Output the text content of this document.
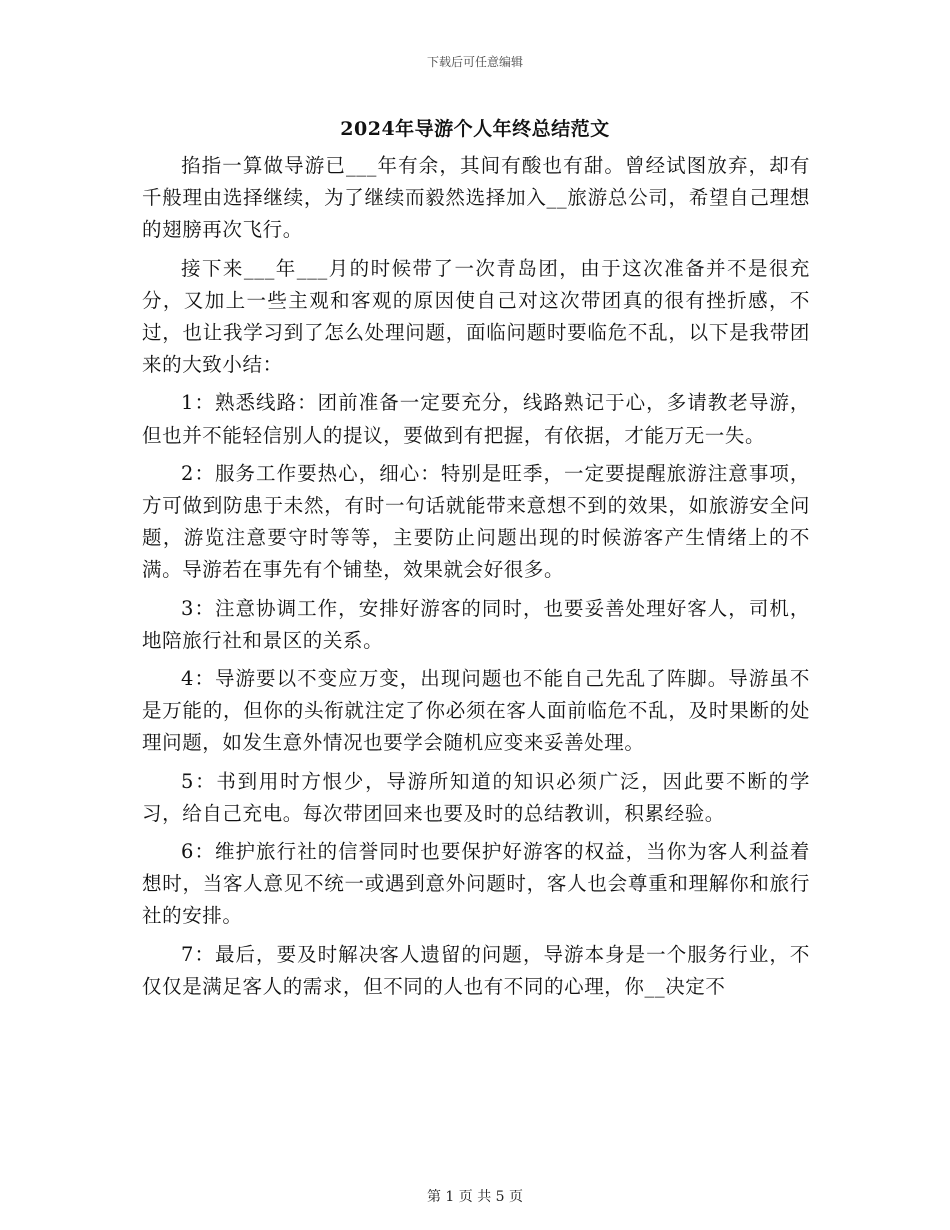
下载后可任意编辑
2024年导游个人年终总结范文

掐指一算做导游已___年有余，其间有酸也有甜。曾经试图放弃，却有千般理由选择继续，为了继续而毅然选择加入__旅游总公司，希望自己理想的翅膀再次飞行。

接下来___年___月的时候带了一次青岛团，由于这次准备并不是很充分，又加上一些主观和客观的原因使自己对这次带团真的很有挫折感，不过，也让我学习到了怎么处理问题，面临问题时要临危不乱，以下是我带团来的大致小结：

1：熟悉线路：团前准备一定要充分，线路熟记于心，多请教老导游，但也并不能轻信别人的提议，要做到有把握，有依据，才能万无一失。

2：服务工作要热心，细心：特别是旺季，一定要提醒旅游注意事项，方可做到防患于未然，有时一句话就能带来意想不到的效果，如旅游安全问题，游览注意要守时等等，主要防止问题出现的时候游客产生情绪上的不满。导游若在事先有个铺垫，效果就会好很多。

3：注意协调工作，安排好游客的同时，也要妥善处理好客人，司机，地陪旅行社和景区的关系。

4：导游要以不变应万变，出现问题也不能自己先乱了阵脚。导游虽不是万能的，但你的头衔就注定了你必须在客人面前临危不乱，及时果断的处理问题，如发生意外情况也要学会随机应变来妥善处理。

5：书到用时方恨少，导游所知道的知识必须广泛，因此要不断的学习，给自己充电。每次带团回来也要及时的总结教训，积累经验。

6：维护旅行社的信誉同时也要保护好游客的权益，当你为客人利益着想时，当客人意见不统一或遇到意外问题时，客人也会尊重和理解你和旅行社的安排。

7：最后，要及时解决客人遗留的问题，导游本身是一个服务行业，不仅仅是满足客人的需求，但不同的人也有不同的心理，你__决定不

第 1 页 共 5 页
